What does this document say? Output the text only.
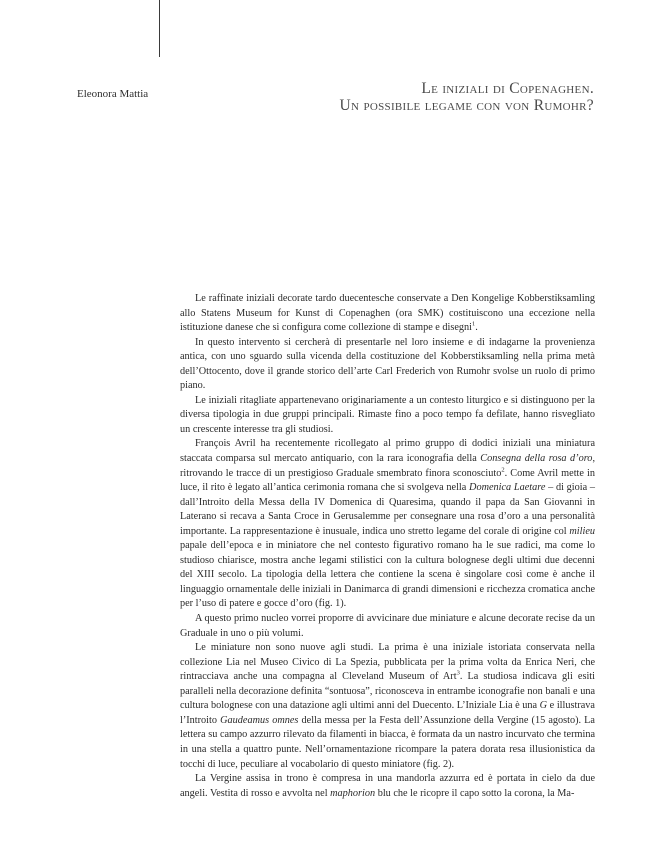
Eleonora Mattia	Le iniziali di Copenaghen.
Un possibile legame con von Rumohr?

Le raffinate iniziali decorate tardo duecentesche conservate a Den Kongelige Kobberstiksamling allo Statens Museum for Kunst di Copenaghen (ora SMK) costituiscono una eccezione nella istituzione danese che si configura come collezione di stampe e disegni$^1$.

In questo intervento si cercherà di presentarle nel loro insieme e di indagarne la provenienza antica, con uno sguardo sulla vicenda della costituzione del Kobberstiksamling nella prima metà dell’Ottocento, dove il grande storico dell’arte Carl Frederich von Rumohr svolse un ruolo di primo piano.

Le iniziali ritagliate appartenevano originariamente a un contesto liturgico e si distinguono per la diversa tipologia in due gruppi principali. Rimaste fino a poco tempo fa defilate, hanno risvegliato un crescente interesse tra gli studiosi.

François Avril ha recentemente ricollegato al primo gruppo di dodici iniziali una miniatura staccata comparsa sul mercato antiquario, con la rara iconografia della Consegna della rosa d’oro, ritrovando le tracce di un prestigioso Graduale smembrato finora sconosciuto$^2$. Come Avril mette in luce, il rito è legato all’antica cerimonia romana che si svolgeva nella Domenica Laetare – di gioia – dall’Introito della Messa della IV Domenica di Quaresima, quando il papa da San Giovanni in Laterano si recava a Santa Croce in Gerusalemme per consegnare una rosa d’oro a una personalità importante. La rappresentazione è inusuale, indica uno stretto legame del corale di origine col milieu papale dell’epoca e in miniatore che nel contesto figurativo romano ha le sue radici, ma come lo studioso chiarisce, mostra anche legami stilistici con la cultura bolognese degli ultimi due decenni del XIII secolo. La tipologia della lettera che contiene la scena è singolare così come è anche il linguaggio ornamentale delle iniziali in Danimarca di grandi dimensioni e ricchezza cromatica anche per l’uso di patere e gocce d’oro (fig. 1).

A questo primo nucleo vorrei proporre di avvicinare due miniature e alcune decorate recise da un Graduale in uno o più volumi.

Le miniature non sono nuove agli studi. La prima è una iniziale istoriata conservata nella collezione Lia nel Museo Civico di La Spezia, pubblicata per la prima volta da Enrica Neri, che rintracciava anche una compagna al Cleveland Museum of Art$^3$. La studiosa indicava gli esiti paralleli nella decorazione definita “sontuosa”, riconosceva in entrambe iconografie non banali e una cultura bolognese con una datazione agli ultimi anni del Duecento. L’Iniziale Lia è una G e illustrava l’Introito Gaudeamus omnes della messa per la Festa dell’Assunzione della Vergine (15 agosto). La lettera su campo azzurro rilevato da filamenti in biacca, è formata da un nastro incurvato che termina in una stella a quattro punte. Nell’ornamentazione ricompare la patera dorata resa illusionistica da tocchi di luce, peculiare al vocabolario di questo miniatore (fig. 2).

La Vergine assisa in trono è compresa in una mandorla azzurra ed è portata in cielo da due angeli. Vestita di rosso e avvolta nel maphorion blu che le ricopre il capo sotto la corona, la Ma-
